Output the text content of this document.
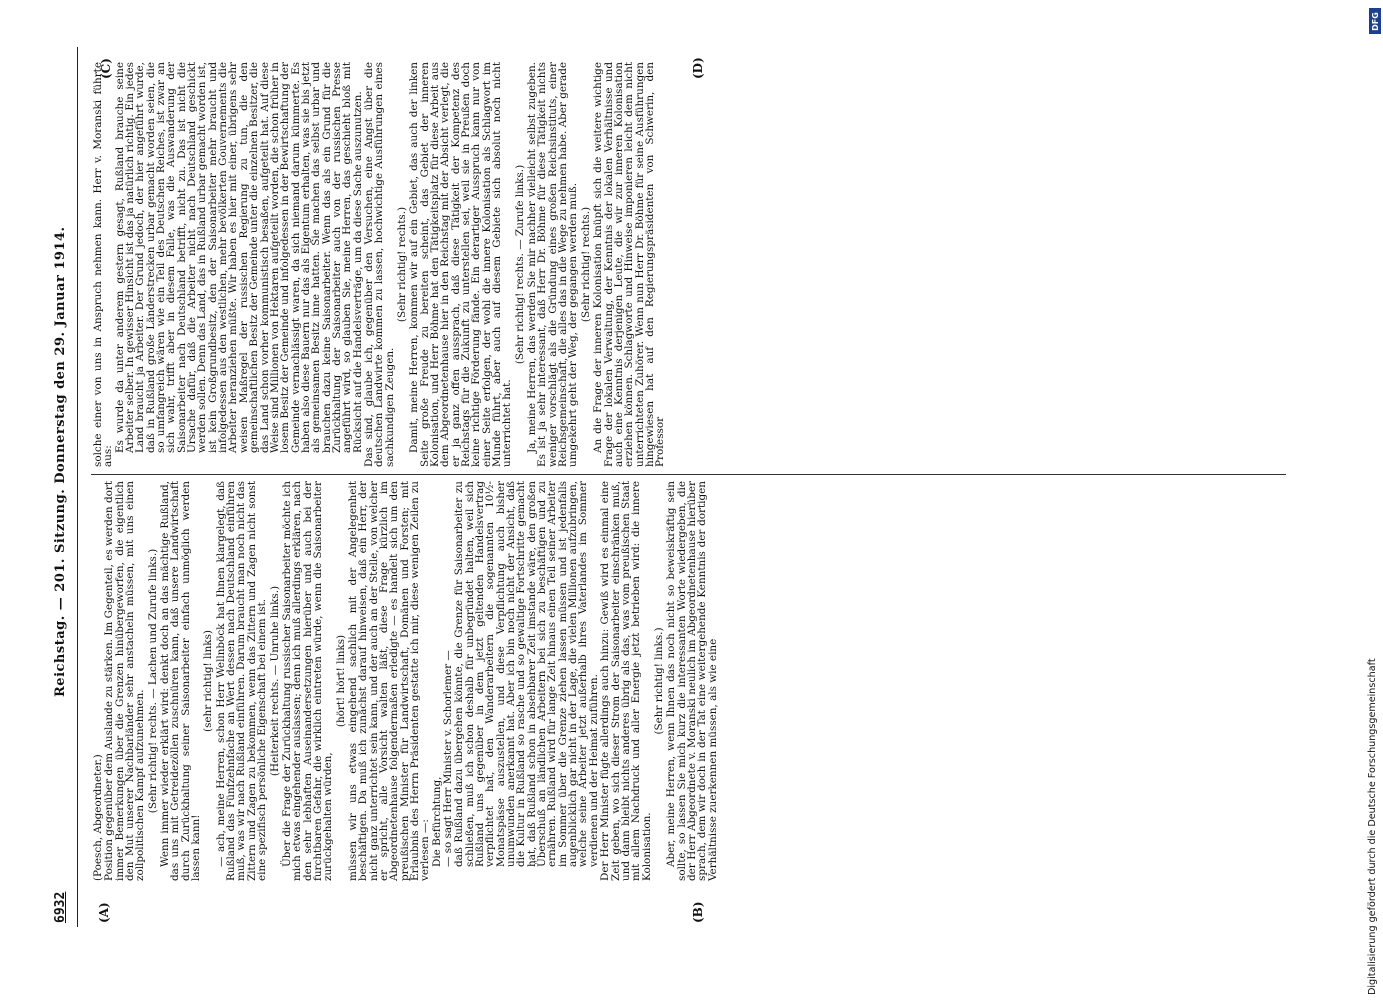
6932
Reichstag. — 201. Sitzung. Donnerstag den 29. Januar 1914.
(A)	(B)
(C)	(D)

(Poesch, Abgeordneter.) Position gegenüber dem Auslande zu stärken. Im Gegenteil, es werden dort immer Bemerkungen über die Grenzen hinübergeworfen, die eigentlich den Mut unserer Nachbarländer sehr anstacheln müssen, mit uns einen zollpolitischen Kampf aufzunehmen. (Sehr richtig! rechts. — Lachen und Zurufe links.) Wenn immer wieder erklärt wird: denkt doch an das mächtige Rußland, das uns mit Getreidezöllen zuschnüren kann, daß unsere Landwirtschaft durch Zurückhaltung seiner Saisonarbeiter einfach unmöglich werden lassen kann!

(sehr richtig! links) — ach, meine Herren, schon Herr Wellnböck hat Ihnen klargelegt, daß Rußland das Fünfzehnfache an Wert dessen nach Deutschland einführen muß, was wir nach Rußland einführen. Darum braucht man noch nicht das Zittern und Zagen zu bekommen, wenn das Zittern und Zagen nicht sonst eine spezifisch persönliche Eigenschaft bei einem ist. (Heiterkeit rechts. — Unruhe links.) Über die Frage der Zurückhaltung russischer Saisonarbeiter möchte ich mich etwas eingehender auslassen; denn ich muß allerdings erklären, nach den sehr lebhaften Auseinandersetzungen hierüber und auch bei der furchtbaren Gefahr, die wirklich eintreten würde, wenn die Saisonarbeiter zurückgehalten würden,

(hört! hört! links) müssen wir uns etwas eingehend sachlich mit der Angelegenheit beschäftigen. Da muß ich zunächst darauf hinweisen, daß ein Herr, der nicht ganz unterrichtet sein kann, und der auch an der Stelle, von welcher er spricht, alle Vorsicht walten läßt, diese Frage kürzlich im Abgeordnetenhause folgendermaßen erledigte — es handelt sich um den preußischen Minister für Landwirtschaft, Domänen und Forsten; mit Erlaubnis des Herrn Präsidenten gestatte ich mir, diese wenigen Zeilen zu verlesen —: Die Befürchtung, — so sagt Herr Minister v. Schorlemer — daß Rußland dazu übergehen könnte, die Grenze für Saisonarbeiter zu schließen, muß ich schon deshalb für unbegründet halten, weil sich Rußland uns gegenüber in dem jetzt geltenden Handelsvertrag verpflichtet hat, den Wanderarbeitern die sogenannten 10½-Monatspässe auszustellen, und diese Verpflichtung auch bisher unumwunden anerkannt hat. Aber ich bin noch nicht der Ansicht, daß die Kultur in Rußland so rasche und so gewaltige Fortschritte gemacht hat, daß Rußland schon in absehbarer Zeit imstande wäre, den großen Überschuß an ländlichen Arbeitern bei sich zu beschäftigen und zu ernähren. Rußland wird für lange Zeit hinaus einen Teil seiner Arbeiter im Sommer über die Grenze ziehen lassen müssen und ist jedenfalls augenblicklich gar nicht in der Lage, die vielen Millionen aufzubringen, welche seine Arbeiter jetzt außerhalb ihres Vaterlandes im Sommer verdienen und der Heimat zuführen. Der Herr Minister fügte allerdings auch hinzu: Gewiß wird es einmal eine Zeit geben, wo sich dieser Strom der Saisonarbeiter einschränken muß, und dann bleibt nichts anderes übrig als das, was vom preußischen Staat mit allem Nachdruck und aller Energie jetzt betrieben wird: die innere Kolonisation.

(Sehr richtig! links.) Aber, meine Herren, wenn Ihnen das noch nicht so beweiskräftig sein sollte, so lassen Sie mich kurz die interessanten Worte wiedergeben, die der Herr Abgeordnete v. Moranski neulich im Abgeordnetenhause hierüber sprach, dem wir doch in der Tat eine weitergehende Kenntnis der dortigen Verhältnisse zuerkennen müssen, als wie eine

solche einer von uns in Anspruch nehmen kann. Herr v. Moranski führte aus:

Es wurde da unter anderem gestern gesagt, Rußland brauche seine Arbeiter selber. In gewisser Hinsicht ist das ja natürlich richtig. Ein jedes Land braucht ja Arbeiter. Der Grund jedoch, der hier angeführt wurde, daß in Rußland große Länderstrecken urbar gemacht worden seien, die so umfangreich wären wie ein Teil des Deutschen Reiches, ist zwar an sich wahr, trifft aber in diesem Falle, was die Auswanderung der Saisonarbeiter nach Deutschland betrifft, nicht zu. Das ist nicht die Ursache dafür, daß die Arbeiter nicht nach Deutschland geschickt werden sollen. Denn das Land, das in Rußland urbar gemacht worden ist, ist kein Großgrundbesitz, den der Saisonarbeiter mehr braucht und infolgedessen aus den westlichen, mehr bevölkerten Gouvernements die Arbeiter heranziehen müßte. Wir haben es hier mit einer, übrigens sehr weisen Maßregel der russischen Regierung zu tun, die den gemeinschaftlichen Besitz der Gemeinde unter die einzelnen Besitzer, die das Land schon vorher kommunistisch besaßen, aufgeteilt hat. Auf diese Weise sind Millionen von Hektaren aufgeteilt worden, die schon früher in losem Besitz der Gemeinde und infolgedessen in der Bewirtschaftung der Gemeinde vernachlässigt waren, da sich niemand darum kümmerte. Es haben also diese Bauern nur das als Eigentum erhalten, was sie bis jetzt als gemeinsamen Besitz inne hatten. Sie machen das selbst urbar und brauchen dazu keine Saisonarbeiter. Wenn das als ein Grund für die Zurückhaltung der Saisonarbeiter auch von der russischen Presse angeführt wird, so glauben Sie, meine Herren, das geschieht bloß mit Rücksicht auf die Handelsverträge, um da diese Sache auszunutzen. Das sind, glaube ich, gegenüber den Versuchen, eine Angst über die deutschen Landwirte kommen zu lassen, hochwichtige Ausführungen eines sachkundigen Zeugen.

(Sehr richtig! rechts.) Damit, meine Herren, kommen wir auf ein Gebiet, das auch der linken Seite große Freude zu bereiten scheint, das Gebiet der inneren Kolonisation, und Herr Böhme hat den Tätigkeitsplatz für diese Arbeit aus dem Abgeordnetenhause hier in den Reichstag mit der Absicht verlegt, die er ja ganz offen aussprach, daß diese Tätigkeit der Kompetenz des Reichstags für die Zukunft zu unterstellen sei, weil sie in Preußen doch keine richtige Förderung fände. Ein derartiger Ausspruch kann nur von einer Seite erfolgen, der wohl die innere Kolonisation als Schlagwort im Munde führt, aber auch auf diesem Gebiete sich absolut noch nicht unterrichtet hat.

(Sehr richtig! rechts. — Zurufe links.) Ja, meine Herren, das werden Sie mir nachher vielleicht selbst zugeben. Es ist ja sehr interessant, daß Herr Dr. Böhme für diese Tätigkeit nichts weniger vorschlägt als die Gründung eines großen Reichsinstituts, einer Reichsgemeinschaft, die alles das in die Wege zu nehmen habe. Aber gerade umgekehrt geht der Weg, der gegangen werden muß. (Sehr richtig! rechts.) An die Frage der inneren Kolonisation knüpft sich die weitere wichtige Frage der lokalen Verwaltung, der Kenntnis der lokalen Verhältnisse und auch eine Kenntnis derjenigen Leute, die wir zur inneren Kolonisation erziehen können. Schlagworte und Hinweise imponieren leicht dem nicht unterrichteten Zuhörer. Wenn nun Herr Dr. Böhme für seine Ausführungen hingewiesen hat auf den Regierungspräsidenten von Schwerin, den Professor

Digitalisierung gefördert durch die Deutsche Forschungsgemeinschaft
DFG
